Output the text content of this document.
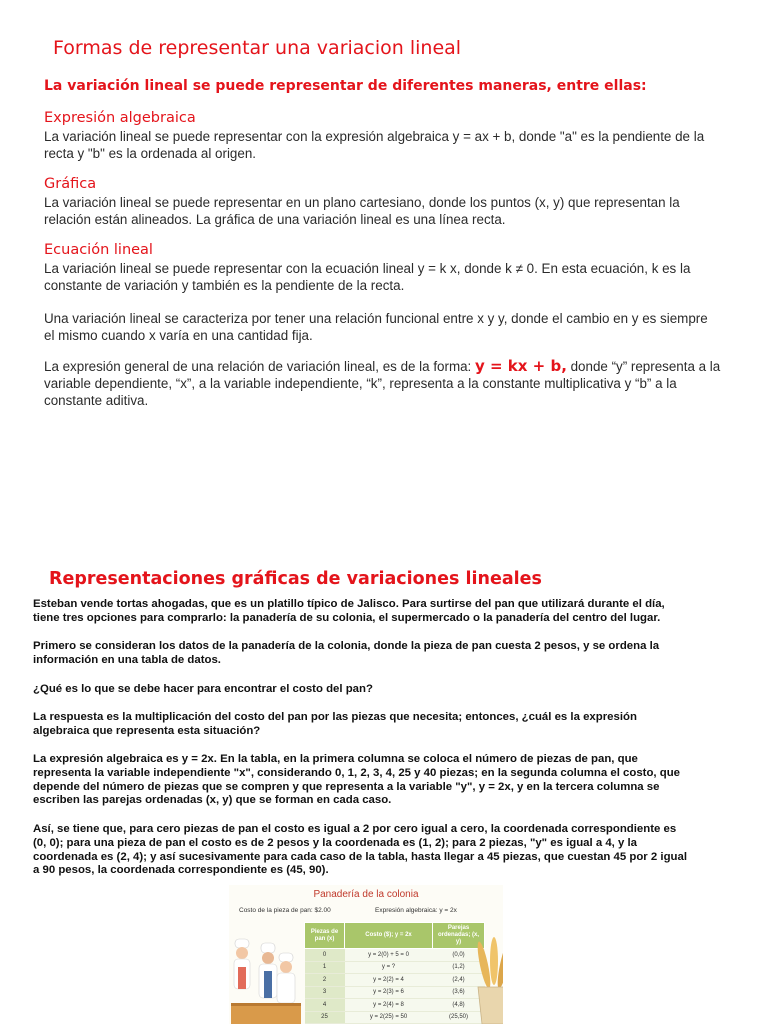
Formas de representar una variacion lineal
La variación lineal se puede representar de diferentes maneras, entre ellas:
Expresión algebraica
La variación lineal se puede representar con la expresión algebraica y = ax + b, donde "a" es la pendiente de la
recta y "b" es la ordenada al origen.
Gráfica
La variación lineal se puede representar en un plano cartesiano, donde los puntos (x, y) que representan la
relación están alineados. La gráfica de una variación lineal es una línea recta.
Ecuación lineal
La variación lineal se puede representar con la ecuación lineal y = k x, donde k ≠ 0. En esta ecuación, k es la
constante de variación y también es la pendiente de la recta.
Una variación lineal se caracteriza por tener una relación funcional entre x y y, donde el cambio en y es siempre
el mismo cuando x varía en una cantidad fija.
La expresión general de una relación de variación lineal, es de la forma: y = kx + b, donde “y” representa a la
variable dependiente, “x”, a la variable independiente, “k”, representa a la constante multiplicativa y “b” a la
constante aditiva.
Representaciones gráficas de variaciones lineales
Esteban vende tortas ahogadas, que es un platillo típico de Jalisco. Para surtirse del pan que utilizará durante el día,
tiene tres opciones para comprarlo: la panadería de su colonia, el supermercado o la panadería del centro del lugar.
Primero se consideran los datos de la panadería de la colonia, donde la pieza de pan cuesta 2 pesos, y se ordena la
información en una tabla de datos.
¿Qué es lo que se debe hacer para encontrar el costo del pan?
La respuesta es la multiplicación del costo del pan por las piezas que necesita; entonces, ¿cuál es la expresión
algebraica que representa esta situación?
La expresión algebraica es y = 2x. En la tabla, en la primera columna se coloca el número de piezas de pan, que
representa la variable independiente "x", considerando 0, 1, 2, 3, 4, 25 y 40 piezas; en la segunda columna el costo, que
depende del número de piezas que se compren y que representa a la variable "y", y = 2x, y en la tercera columna se
escriben las parejas ordenadas (x, y) que se forman en cada caso.
Así, se tiene que, para cero piezas de pan el costo es igual a 2 por cero igual a cero, la coordenada correspondiente es
(0, 0); para una pieza de pan el costo es de 2 pesos y la coordenada es (1, 2); para 2 piezas, "y" es igual a 4, y la
coordenada es (2, 4); y así sucesivamente para cada caso de la tabla, hasta llegar a 45 piezas, que cuestan 45 por 2 igual
a 90 pesos, la coordenada correspondiente es (45, 90).
Panadería de la colonia
Costo de la pieza de pan: $2.00	Expresión algebraica: y = 2x
Piezas de pan (x)	Costo ($); y = 2x	Parejas ordenadas; (x, y)
0	y = 2(0) + 5 = 0	(0,0)
1	y = ?	(1,2)
2	y = 2(2) = 4	(2,4)
3	y = 2(3) = 6	(3,6)
4	y = 2(4) = 8	(4,8)
25	y = 2(25) = 50	(25,50)
